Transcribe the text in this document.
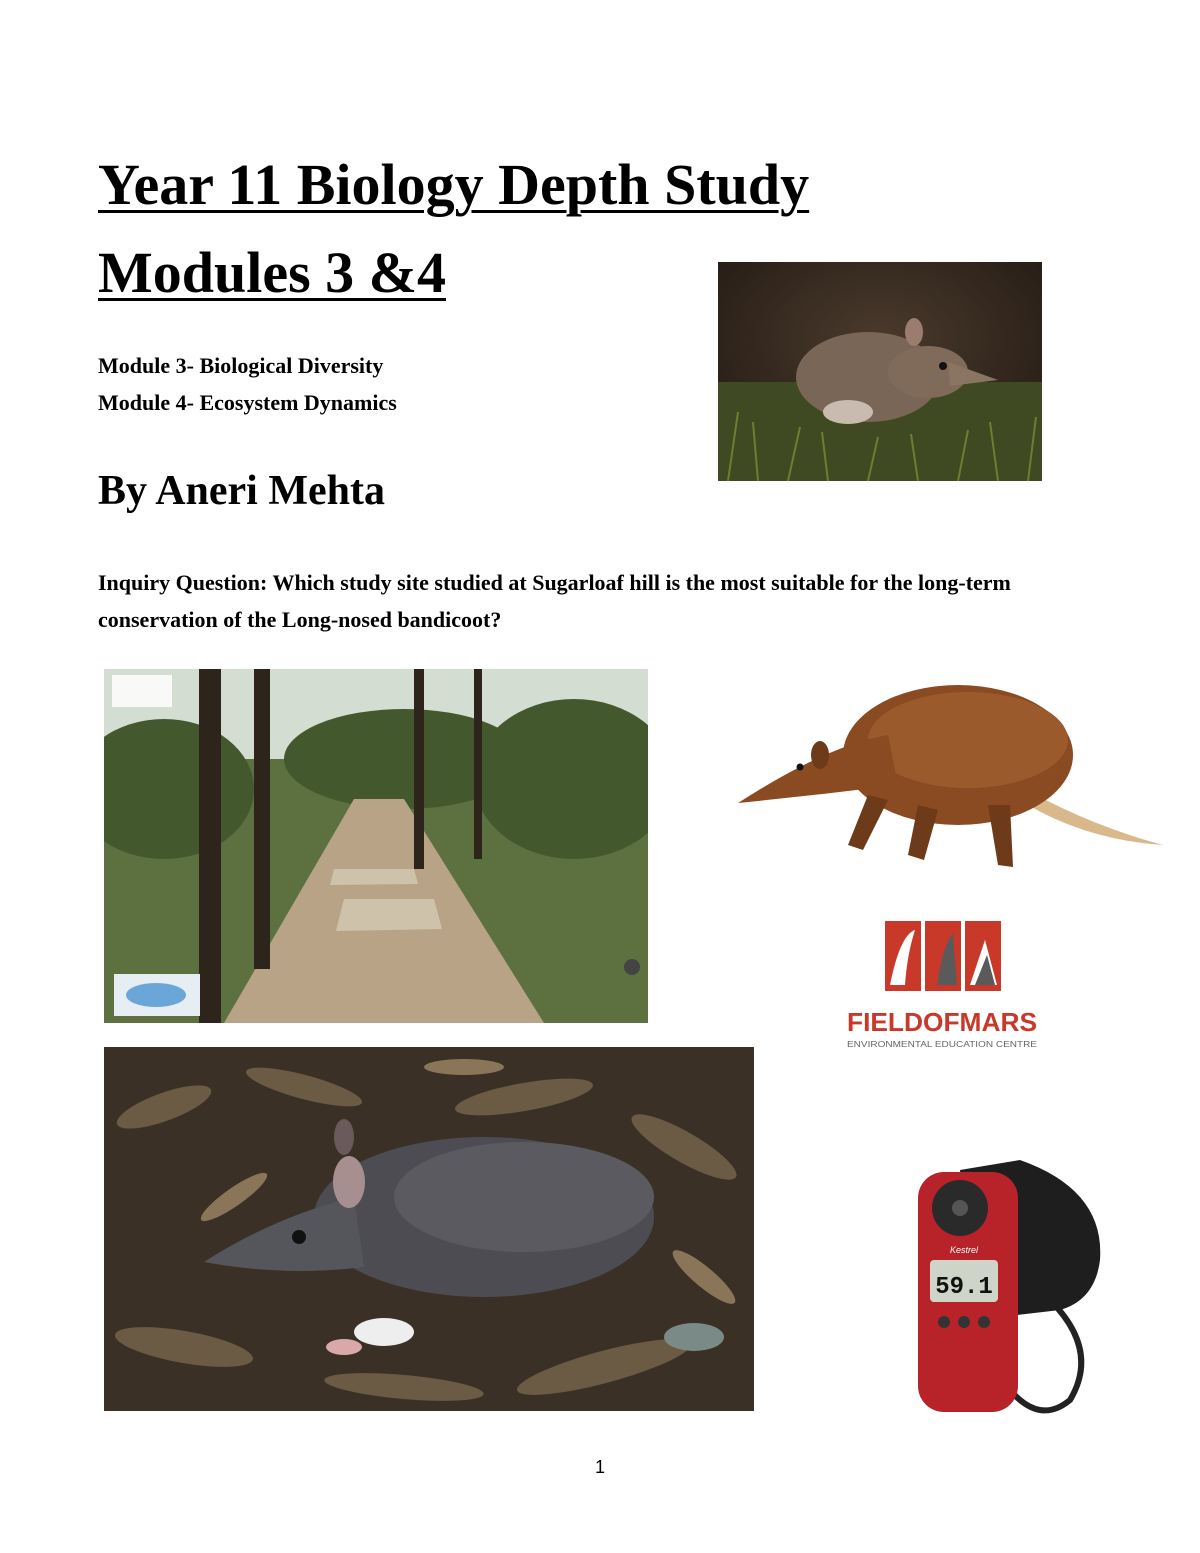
Year 11 Biology Depth Study
Modules 3 &4
Module 3- Biological Diversity
Module 4- Ecosystem Dynamics
By Aneri Mehta
Inquiry Question: Which study site studied at Sugarloaf hill is the most suitable for the long-term conservation of the Long-nosed bandicoot?
FIELDOFMARS
ENVIRONMENTAL EDUCATION CENTRE
59.1
Kestrel
1
